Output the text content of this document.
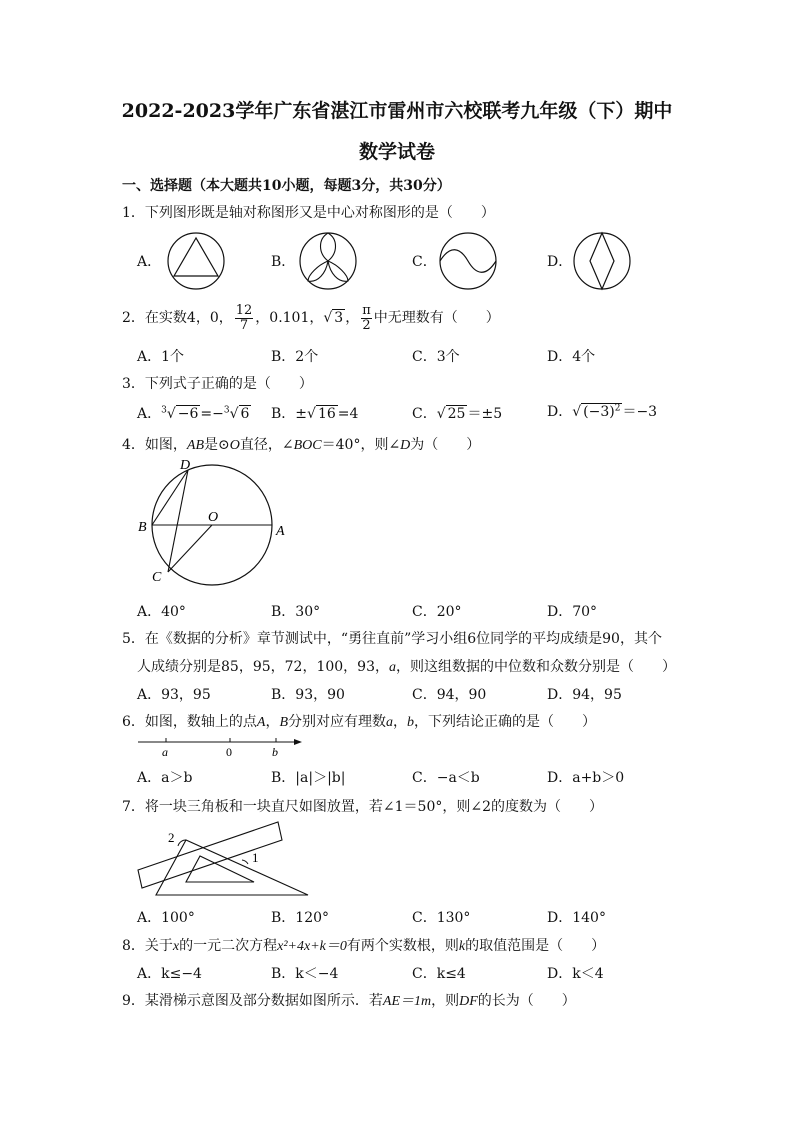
2022-2023学年广东省湛江市雷州市六校联考九年级（下）期中
数学试卷
一、选择题（本大题共10小题，每题3分，共30分）
1．下列图形既是轴对称图形又是中心对称图形的是（　　）
A．	B．	C．	D．
2．在实数4，0， $\frac{12}{7}$ ，0.101，√ 3 ， $\frac{\pi}{2}$ 中无理数有（　　）
A．1个	B．2个	C．3个	D．4个
3．下列式子正确的是（　　）
A．$^3$√ −6 =−$^3$√ 6 B．±√ 16 =4	C．√ 25 ＝±5	D．√ $(-3)^2 =-3$
4．如图，AB是⊙O直径，∠BOC＝40°，则∠D为（　　）
D
B
O
A
C
A．40°	B．30°	C．20°	D．70°
5．在《数据的分析》章节测试中，“勇往直前”学习小组6位同学的平均成绩是90，其个
人成绩分别是85，95，72，100，93，a，则这组数据的中位数和众数分别是（　　）
A．93，95	B．93，90	C．94，90	D．94，95
6．如图，数轴上的点A，B分别对应有理数a，b，下列结论正确的是（　　）
a	0	b
A．a＞b	B．|a|＞|b|	C．−a＜b	D．a+b＞0
7．将一块三角板和一块直尺如图放置，若∠1＝50°，则∠2的度数为（　　）
1
2
A．100°	B．120°	C．130°	D．140°
8．关于x的一元二次方程x²+4x+k＝0有两个实数根，则k的取值范围是（　　）
A．k≤−4	B．k＜−4	C．k≤4	D．k＜4
9．某滑梯示意图及部分数据如图所示．若AE＝1m，则DF的长为（　　）
